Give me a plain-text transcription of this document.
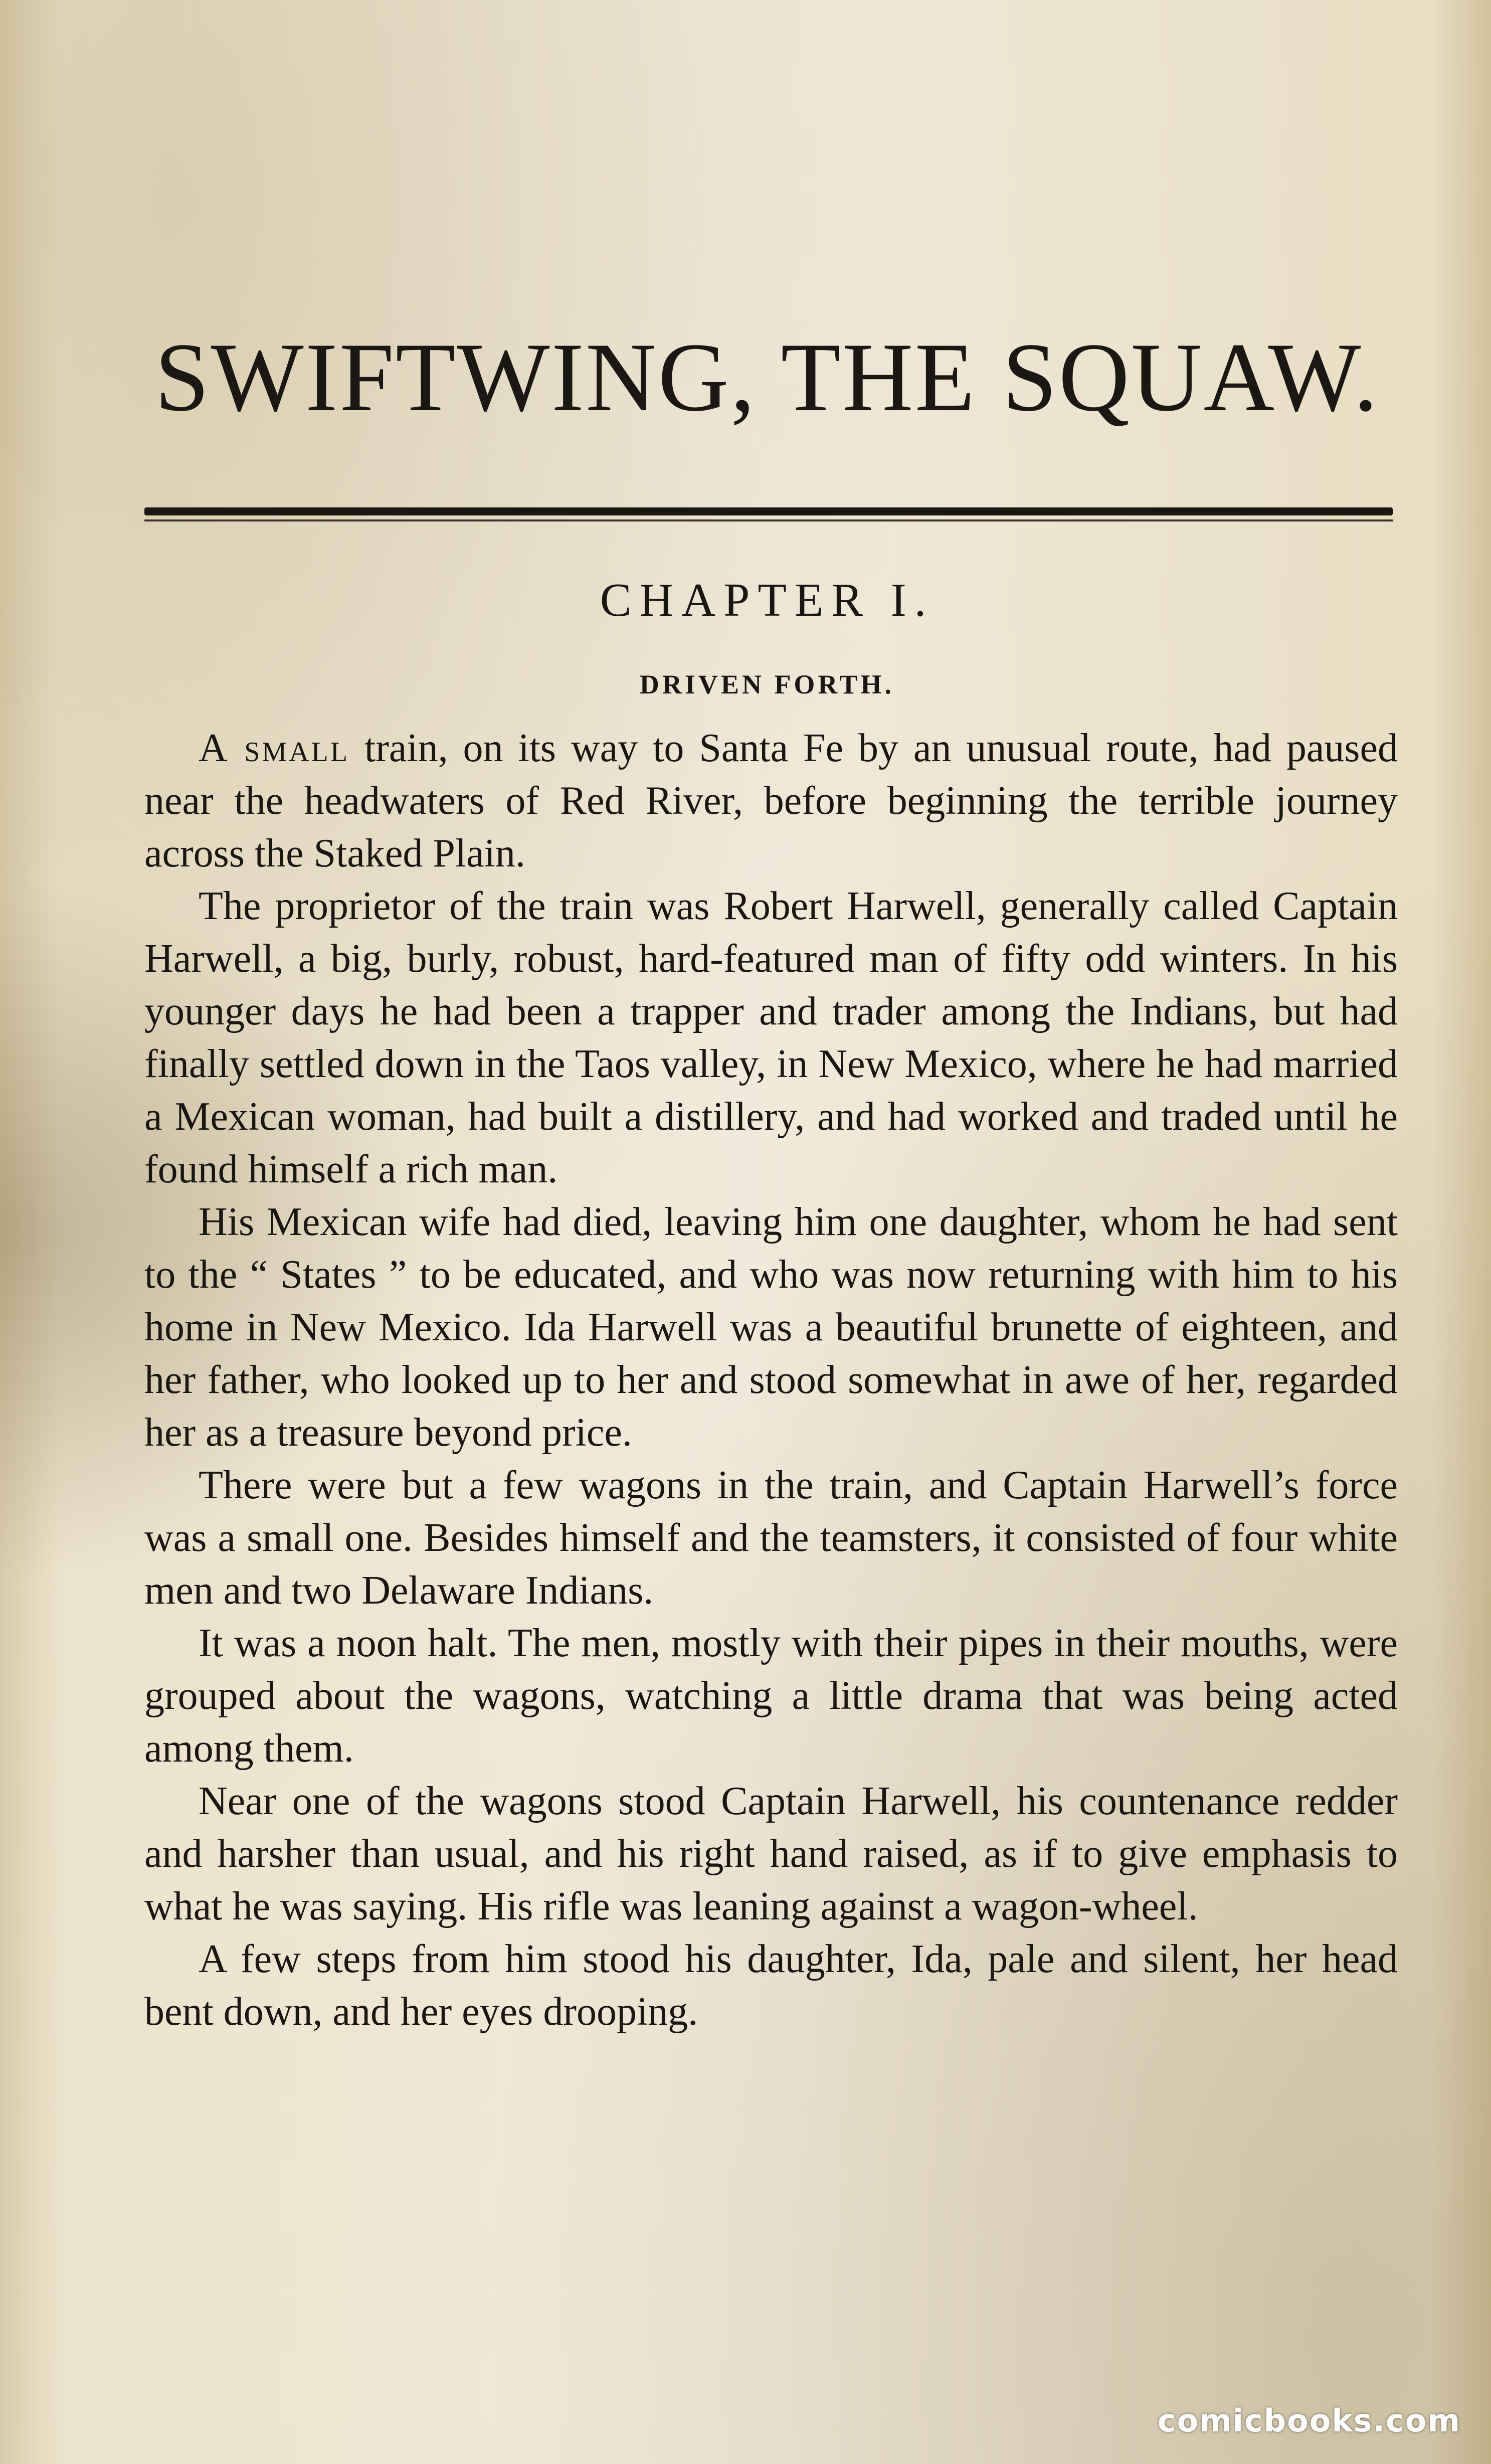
SWIFTWING, THE SQUAW.
CHAPTER I.
DRIVEN FORTH.

A small train, on its way to Santa Fe by an unusual route, had paused near the headwaters of Red River, before beginning the terrible journey across the Staked Plain.

The proprietor of the train was Robert Harwell, generally called Captain Harwell, a big, burly, robust, hard-featured man of fifty odd winters. In his younger days he had been a trapper and trader among the Indians, but had finally settled down in the Taos valley, in New Mexico, where he had married a Mexican woman, had built a distillery, and had worked and traded until he found himself a rich man.

His Mexican wife had died, leaving him one daughter, whom he had sent to the “ States ” to be educated, and who was now returning with him to his home in New Mexico. Ida Harwell was a beautiful brunette of eighteen, and her father, who looked up to her and stood somewhat in awe of her, regarded her as a treasure beyond price.

There were but a few wagons in the train, and Captain Harwell’s force was a small one. Besides himself and the teamsters, it consisted of four white men and two Delaware Indians.

It was a noon halt. The men, mostly with their pipes in their mouths, were grouped about the wagons, watching a little drama that was being acted among them.

Near one of the wagons stood Captain Harwell, his countenance redder and harsher than usual, and his right hand raised, as if to give emphasis to what he was saying. His rifle was leaning against a wagon-wheel.

A few steps from him stood his daughter, Ida, pale and silent, her head bent down, and her eyes drooping.

comicbooks.com
